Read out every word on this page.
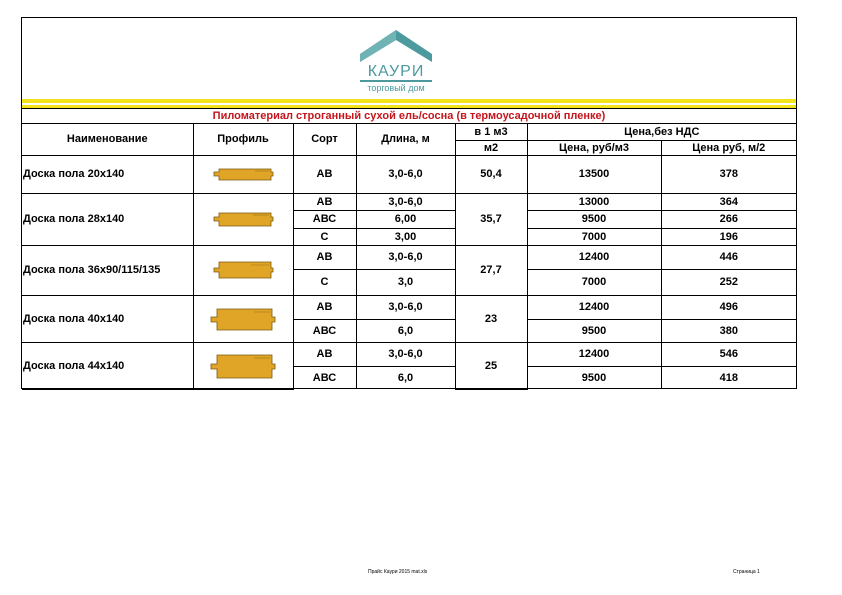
КАУРИ
торговый дом
Пиломатериал строганный сухой ель/сосна (в термоусадочной пленке)
Наименование	Профиль	Сорт	Длина, м	в 1 м3	Цена,без НДС	
				м2	Цена, руб/м3	Цена руб, м/2
Доска пола 20х140		АВ	3,0-6,0	50,4	13500	378
Доска пола 28х140		АВ	3,0-6,0	35,7	13000	364
		АВС	6,00		9500	266
		С	3,00		7000	196
Доска пола 36х90/115/135		АВ	3,0-6,0	27,7	12400	446
		С	3,0		7000	252
Доска пола 40х140		АВ	3,0-6,0	23	12400	496
		АВС	6,0		9500	380
Доска пола 44х140		АВ	3,0-6,0	25	12400	546
		АВС	6,0		9500	418
Прайс Каури 2015 mat.xls	Страница 1
